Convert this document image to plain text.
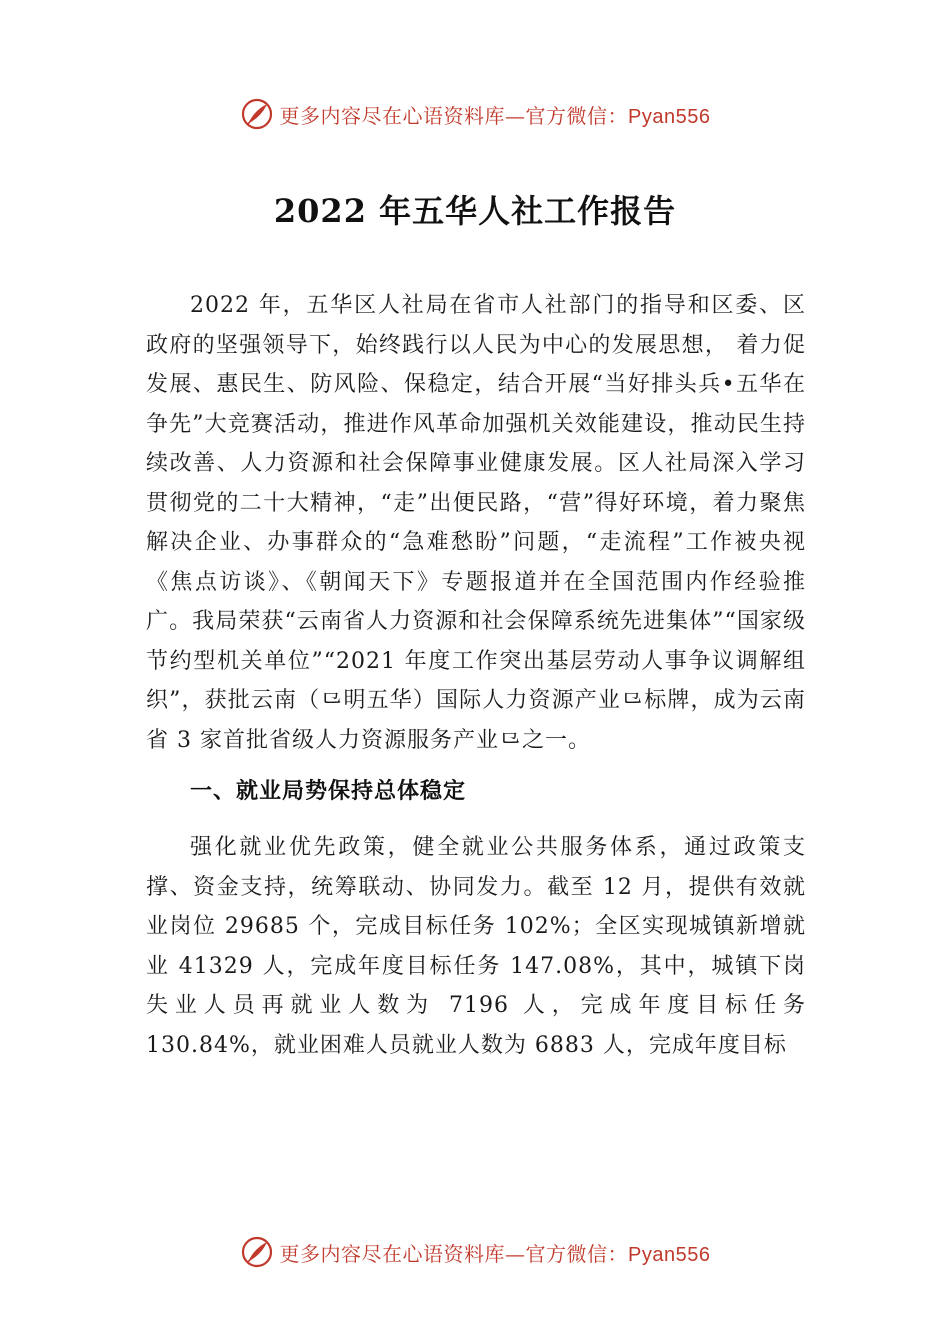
更多内容尽在心语资料库—官方微信：Pyan556
2022 年五华人社工作报告

2022 年，五华区人社局在省市人社部门的指导和区委、区政府的坚强领导下，始终践行以人民为中心的发展思想， 着力促发展、惠民生、防风险、保稳定，结合开展“当好排头兵•五华在争先”大竞赛活动，推进作风革命加强机关效能建设，推动民生持续改善、人力资源和社会保障事业健康发展。区人社局深入学习贯彻党的二十大精神，“走”出便民路，“营”得好环境，着力聚焦解决企业、办事群众的“急难愁盼”问题，“走流程”工作被央视《焦点访谈》、《朝闻天下》专题报道并在全国范围内作经验推广。我局荣获“云南省人力资源和社会保障系统先进集体”“国家级节约型机关单位”“2021 年度工作突出基层劳动人事争议调解组织”，获批云南（⺋明五华）国际人力资源产业⺋标牌，成为云南省 3 家首批省级人力资源服务产业⺋之一。

一、就业局势保持总体稳定

强化就业优先政策，健全就业公共服务体系，通过政策支撑、资金支持，统筹联动、协同发力。截至 12 月，提供有效就业岗位 29685 个，完成目标任务 102%；全区实现城镇新增就业 41329 人，完成年度目标任务 147.08%，其中，城镇下岗失业人员再就业人数为 7196 人，完成年度目标任务130.84%，就业困难人员就业人数为 6883 人，完成年度目标

更多内容尽在心语资料库—官方微信：Pyan556
